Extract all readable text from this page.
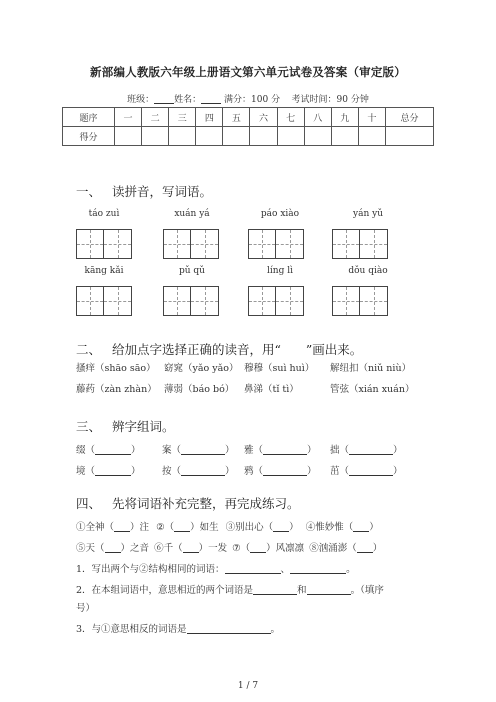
新部编人教版六年级上册语文第六单元试卷及答案（审定版）
班级： 姓名：	满分：100 分 考试时间：90 分钟
题序	一	二	三	四	五	六	七	八	九	十	总分
得分											
一、 读拼音，写词语。
táo zuì	xuán yá	páo xiào	yán yǔ
kāng kǎi	pǔ qǔ	líng lì	dǒu qiào
二、 给加点字选择正确的读音，用“　　”画出来。
搔痒（shāo sāo） 窈窕（yǎo yǎo） 穆穆（suì huì） 解纽扣（niǔ niù）
藤药（zàn zhàn） 薄弱（báo bó） 鼻涕（tǐ tì）	管弦（xián xuán）
三、 辨字组词。
缀（	） 案（	） 雅（	） 拙（	）
境（	） 按（	） 鸦（	） 茁（	）
四、 先将词语补充完整，再完成练习。
①全神（ ）注 ②（ ）如生 ③别出心（ ） ④惟妙惟（ ）
⑤天（ ）之音 ⑥千（ ）一发 ⑦（ ）风凛凛 ⑧汹涌澎（ ）
1．写出两个与②结构相同的词语：	、	。
2．在本组词语中，意思相近的两个词语是	和	。（填序
号）
3．与①意思相反的词语是	。
1 / 7
